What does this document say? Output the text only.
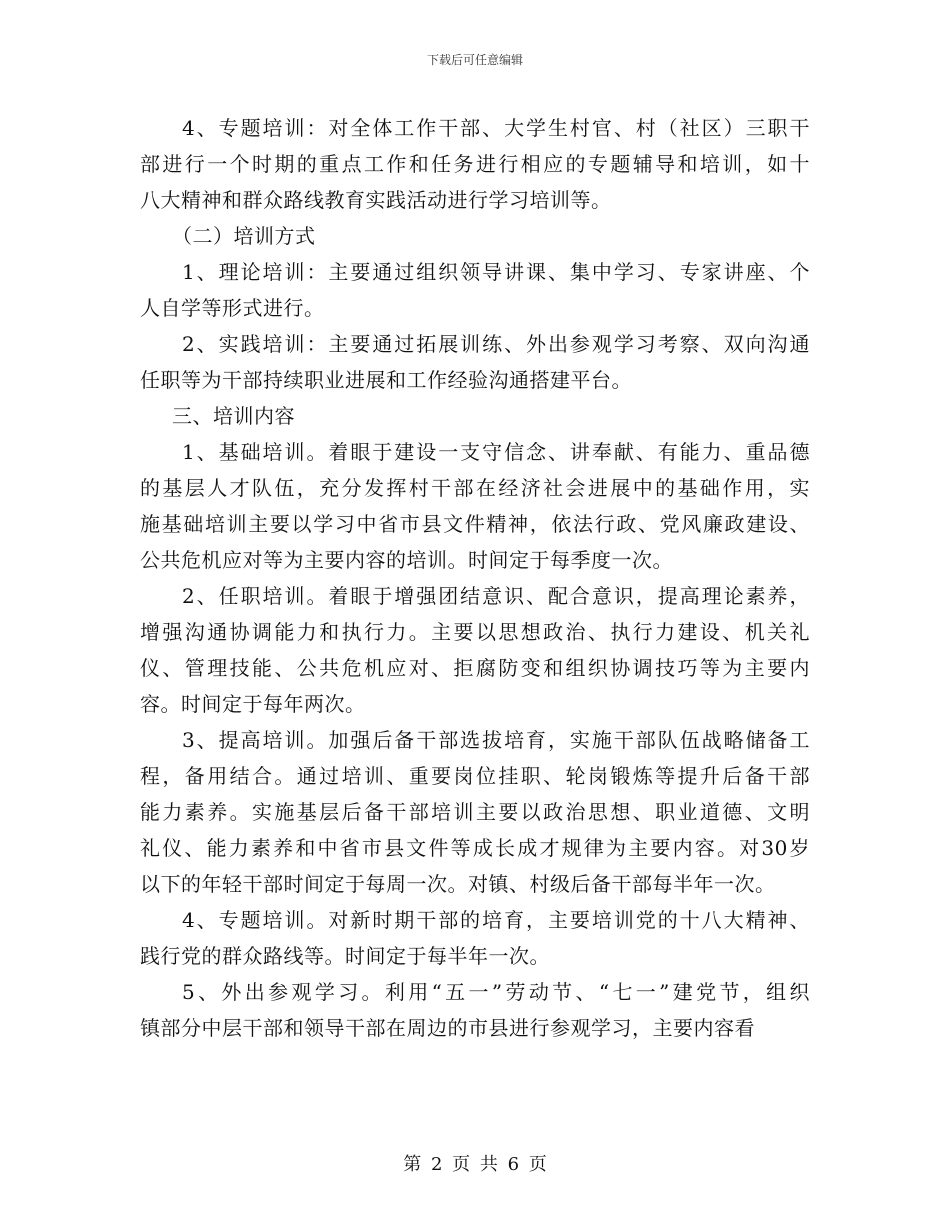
下载后可任意编辑
4、专题培训：对全体工作干部、大学生村官、村（社区）三职干
部进行一个时期的重点工作和任务进行相应的专题辅导和培训，如十
八大精神和群众路线教育实践活动进行学习培训等。
（二）培训方式
1、理论培训：主要通过组织领导讲课、集中学习、专家讲座、个
人自学等形式进行。
2、实践培训：主要通过拓展训练、外出参观学习考察、双向沟通
任职等为干部持续职业进展和工作经验沟通搭建平台。
三、培训内容
1、基础培训。着眼于建设一支守信念、讲奉献、有能力、重品德
的基层人才队伍，充分发挥村干部在经济社会进展中的基础作用，实
施基础培训主要以学习中省市县文件精神，依法行政、党风廉政建设、
公共危机应对等为主要内容的培训。时间定于每季度一次。
2、任职培训。着眼于增强团结意识、配合意识，提高理论素养，
增强沟通协调能力和执行力。主要以思想政治、执行力建设、机关礼
仪、管理技能、公共危机应对、拒腐防变和组织协调技巧等为主要内
容。时间定于每年两次。
3、提高培训。加强后备干部选拔培育，实施干部队伍战略储备工
程，备用结合。通过培训、重要岗位挂职、轮岗锻炼等提升后备干部
能力素养。实施基层后备干部培训主要以政治思想、职业道德、文明
礼仪、能力素养和中省市县文件等成长成才规律为主要内容。对30岁
以下的年轻干部时间定于每周一次。对镇、村级后备干部每半年一次。
4、专题培训。对新时期干部的培育，主要培训党的十八大精神、
践行党的群众路线等。时间定于每半年一次。
5、外出参观学习。利用“五一”劳动节、“七一”建党节，组织
镇部分中层干部和领导干部在周边的市县进行参观学习，主要内容看
第 2 页 共 6 页
